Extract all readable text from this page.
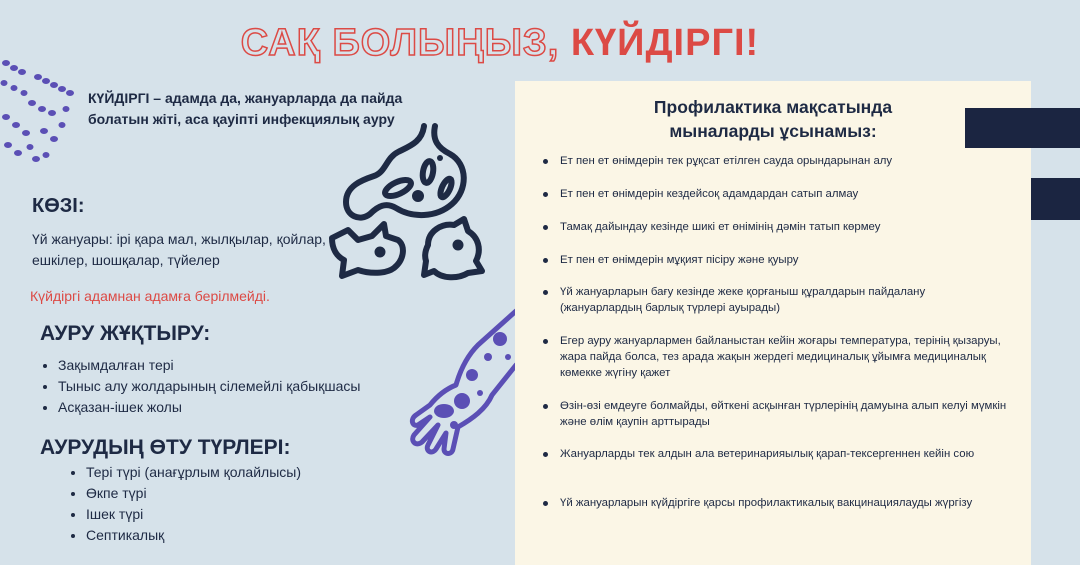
САҚ БОЛЫҢЫЗ, КҮЙДІРГІ!
КҮЙДІРГІ – адамда да, жануарларда да пайда болатын жіті, аса қауіпті инфекциялық ауру
КӨЗІ:
Үй жануары: ірі қара мал, жылқылар, қойлар, ешкілер, шошқалар, түйелер
Күйдіргі адамнан адамға берілмейді.
АУРУ ЖҰҚТЫРУ:
• Зақымдалған тері
• Тыныс алу жолдарының сілемейлі қабықшасы
• Асқазан-ішек жолы
АУРУДЫҢ ӨТУ ТҮРЛЕРІ:
• Тері түрі (анағұрлым қолайлысы)
• Өкпе түрі
• Ішек түрі
• Септикалық
Профилактика мақсатында
мыналарды ұсынамыз:
Ет пен ет өнімдерін тек рұқсат етілген сауда орындарынан алу
Ет пен ет өнімдерін кездейсоқ адамдардан сатып алмау
Тамақ дайындау кезінде шикі ет өнімінің дәмін татып көрмеу
Ет пен ет өнімдерін мұқият пісіру және қуыру
Үй жануарларын бағу кезінде жеке қорғаныш құралдарын пайдалану (жануарлардың барлық түрлері ауырады)
Егер ауру жануарлармен байланыстан кейін жоғары температура, терінің қызаруы, жара пайда болса, тез арада жақын жердегі медициналық ұйымға медициналық көмекке жүгіну қажет
Өзін-өзі емдеуге болмайды, өйткені асқынған түрлерінің дамуына алып келуі мүмкін және өлім қаупін арттырады
Жануарларды тек алдын ала ветеринарияылық қарап-тексергеннен кейін сою
Үй жануарларын күйдіргіге қарсы профилактикалық вакцинациялауды жүргізу
